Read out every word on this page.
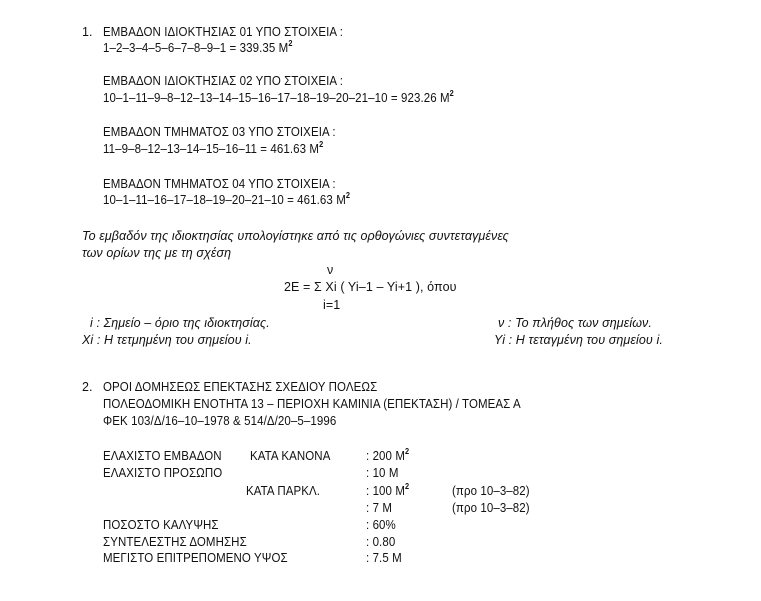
1. ΕΜΒΑΔΟΝ ΙΔΙΟΚΤΗΣΙΑΣ 01 ΥΠΟ ΣΤΟΙΧΕΙΑ :
1–2–3–4–5–6–7–8–9–1 = 339.35 $M^2$
ΕΜΒΑΔΟΝ ΙΔΙΟΚΤΗΣΙΑΣ 02 ΥΠΟ ΣΤΟΙΧΕΙΑ :
10–1–11–9–8–12–13–14–15–16–17–18–19–20–21–10 = 923.26 $M^2$
ΕΜΒΑΔΟΝ ΤΜΗΜΑΤΟΣ 03 ΥΠΟ ΣΤΟΙΧΕΙΑ :
11–9–8–12–13–14–15–16–11 = 461.63 $M^2$
ΕΜΒΑΔΟΝ ΤΜΗΜΑΤΟΣ 04 ΥΠΟ ΣΤΟΙΧΕΙΑ :
10–1–11–16–17–18–19–20–21–10 = 461.63 $M^2$
Το εμβαδόν της ιδιοκτησίας υπολογίστηκε από τις ορθογώνιες συντεταγμένες
των ορίων της με τη σχέση
ν
2E = Σ Xi ( Yi–1 – Yi+1 ), όπου
i=1
i : Σημείο – όριο της ιδιοκτησίας.	ν : Το πλήθος των σημείων.
Xi : Η τετμημένη του σημείου i.	Yi : Η τεταγμένη του σημείου i.
2. ΟΡΟΙ ΔΟΜΗΣΕΩΣ ΕΠΕΚΤΑΣΗΣ ΣΧΕΔΙΟΥ ΠΟΛΕΩΣ
ΠΟΛΕΟΔΟΜΙΚΗ ΕΝΟΤΗΤΑ 13 – ΠΕΡΙΟΧΗ ΚΑΜΙΝΙΑ (ΕΠΕΚΤΑΣΗ) / ΤΟΜΕΑΣ Α
ΦΕΚ 103/Δ/16–10–1978 & 514/Δ/20–5–1996
ΕΛΑΧΙΣΤΟ ΕΜΒΑΔΟΝ ΚΑΤΑ ΚΑΝΟΝΑ	: 200 $M^2$
ΕΛΑΧΙΣΤΟ ΠΡΟΣΩΠΟ	: 10 M
ΚΑΤΑ ΠΑΡΚΛ.	: 100 $M^2$	(προ 10–3–82)
: 7 M	(προ 10–3–82)
ΠΟΣΟΣΤΟ ΚΑΛΥΨΗΣ	: 60%
ΣΥΝΤΕΛΕΣΤΗΣ ΔΟΜΗΣΗΣ	: 0.80
ΜΕΓΙΣΤΟ ΕΠΙΤΡΕΠΟΜΕΝΟ ΥΨΟΣ	: 7.5 M
